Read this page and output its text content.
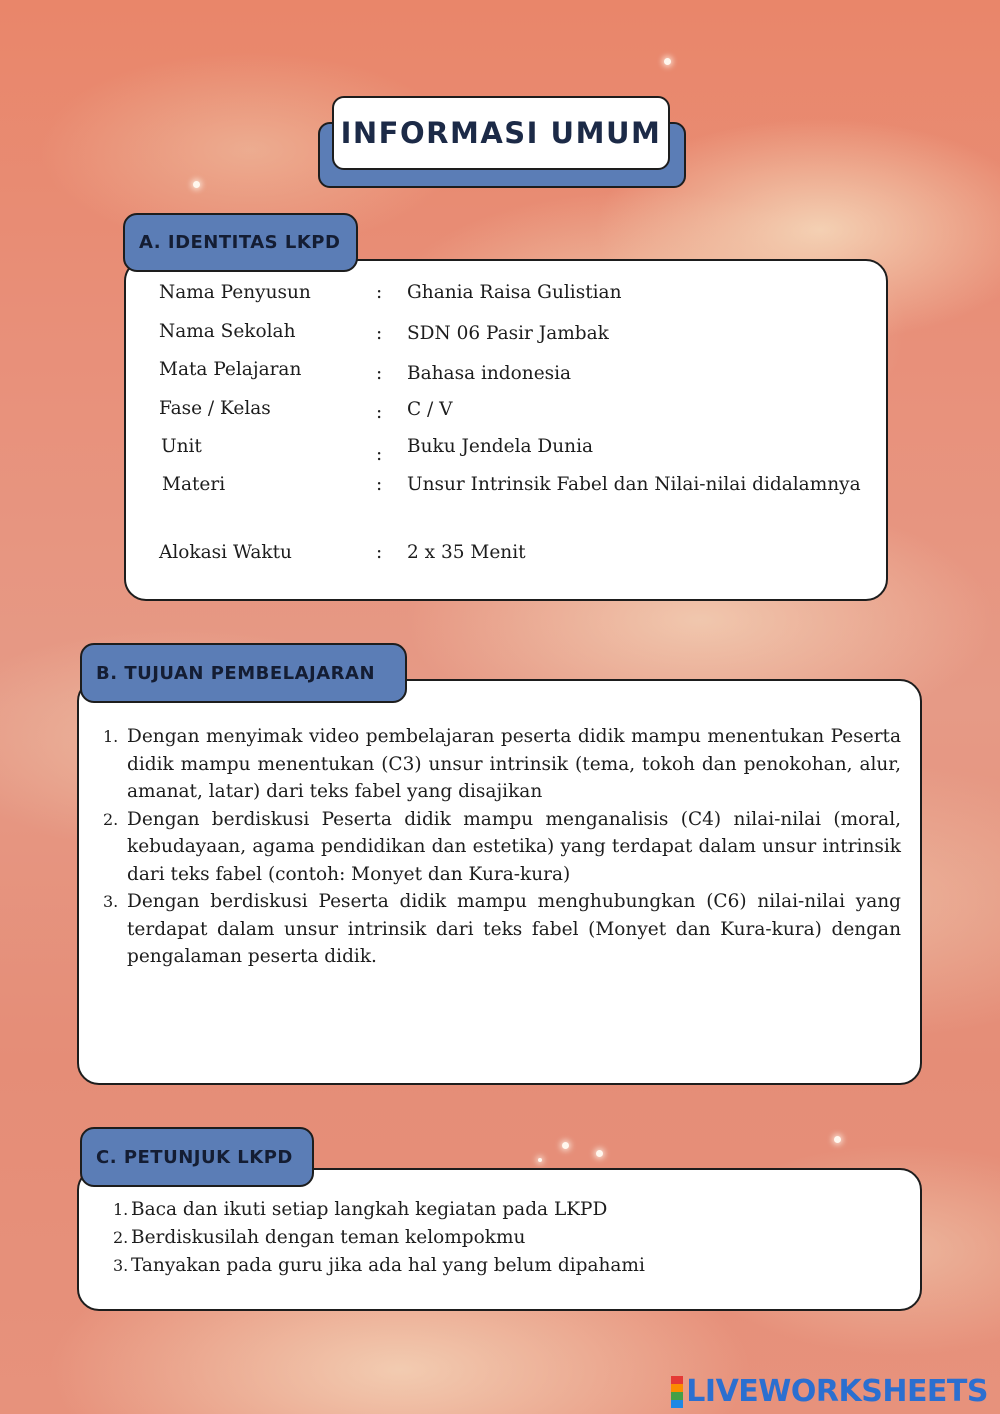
INFORMASI UMUM
Nama Penyusun	: Ghania Raisa Gulistian
Nama Sekolah	: SDN 06 Pasir Jambak
Mata Pelajaran	: Bahasa indonesia
Fase / Kelas	: C / V
Unit	: Buku Jendela Dunia
Materi	: Unsur Intrinsik Fabel dan Nilai-nilai didalamnya
Alokasi Waktu	: 2 x 35 Menit
A. IDENTITAS LKPD
1. Dengan menyimak video pembelajaran peserta didik mampu menentukan Peserta didik mampu menentukan (C3) unsur intrinsik (tema, tokoh dan penokohan, alur, amanat, latar) dari teks fabel yang disajikan
2. Dengan berdiskusi Peserta didik mampu menganalisis (C4) nilai-nilai (moral, kebudayaan, agama pendidikan dan estetika) yang terdapat dalam unsur intrinsik dari teks fabel (contoh: Monyet dan Kura-kura)
3. Dengan berdiskusi Peserta didik mampu menghubungkan (C6) nilai-nilai yang terdapat dalam unsur intrinsik dari teks fabel (Monyet dan Kura-kura) dengan pengalaman peserta didik.
B. TUJUAN PEMBELAJARAN
1. Baca dan ikuti setiap langkah kegiatan pada LKPD
2. Berdiskusilah dengan teman kelompokmu
3. Tanyakan pada guru jika ada hal yang belum dipahami
C. PETUNJUK LKPD
LIVEWORKSHEETS
